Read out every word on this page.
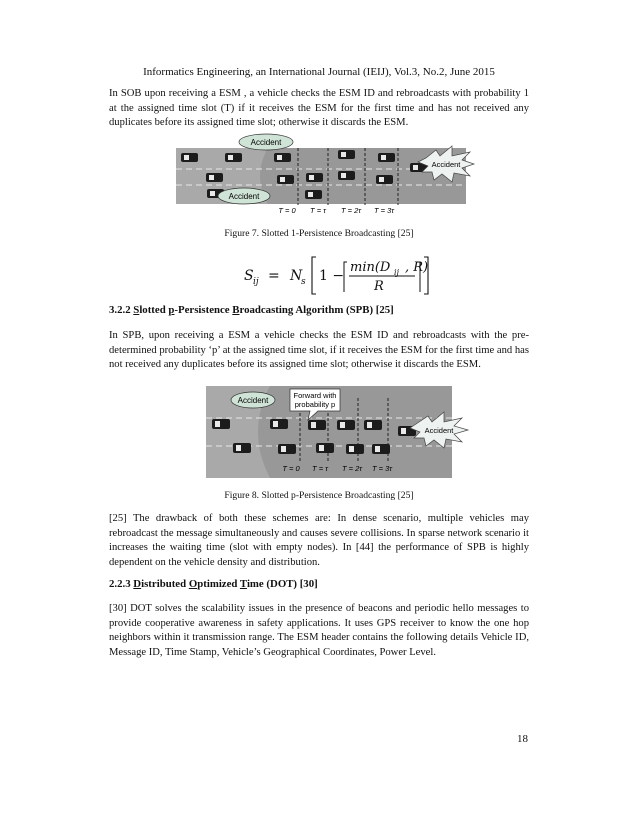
Informatics Engineering, an International Journal (IEIJ), Vol.3, No.2, June 2015

In SOB upon receiving a ESM , a vehicle checks the ESM ID and rebroadcasts with probability 1 at the assigned time slot (T) if it receives the ESM for the first time and has not received any duplicates before its assigned time slot; otherwise it discards the ESM.

Accident
Accident
Accident
T = 0 T = τ T = 2τ T = 3τ
Figure 7. Slotted 1-Persistence Broadcasting [25]
S ij = N
s 1 −
min(D ij , R)
R
3.2.2 Slotted p-Persistence Broadcasting Algorithm (SPB) [25]

In SPB, upon receiving a ESM a vehicle checks the ESM ID and rebroadcasts with the pre-determined probability ‘p’ at the assigned time slot, if it receives the ESM for the first time and has not received any duplicates before its assigned time slot; otherwise it discards the ESM.

Accident
Forward with
probability p
Accident
T = 0 T = τ T = 2τ T = 3τ
Figure 8. Slotted p-Persistence Broadcasting [25]

[25] The drawback of both these schemes are: In dense scenario, multiple vehicles may rebroadcast the message simultaneously and causes severe collisions. In sparse network scenario it increases the waiting time (slot with empty nodes). In [44] the performance of SPB is highly dependent on the vehicle density and distribution.

2.2.3 Distributed Optimized Time (DOT) [30]

[30] DOT solves the scalability issues in the presence of beacons and periodic hello messages to provide cooperative awareness in safety applications. It uses GPS receiver to know the one hop neighbors within it transmission range. The ESM header contains the following details Vehicle ID, Message ID, Time Stamp, Vehicle’s Geographical Coordinates, Power Level.

18
